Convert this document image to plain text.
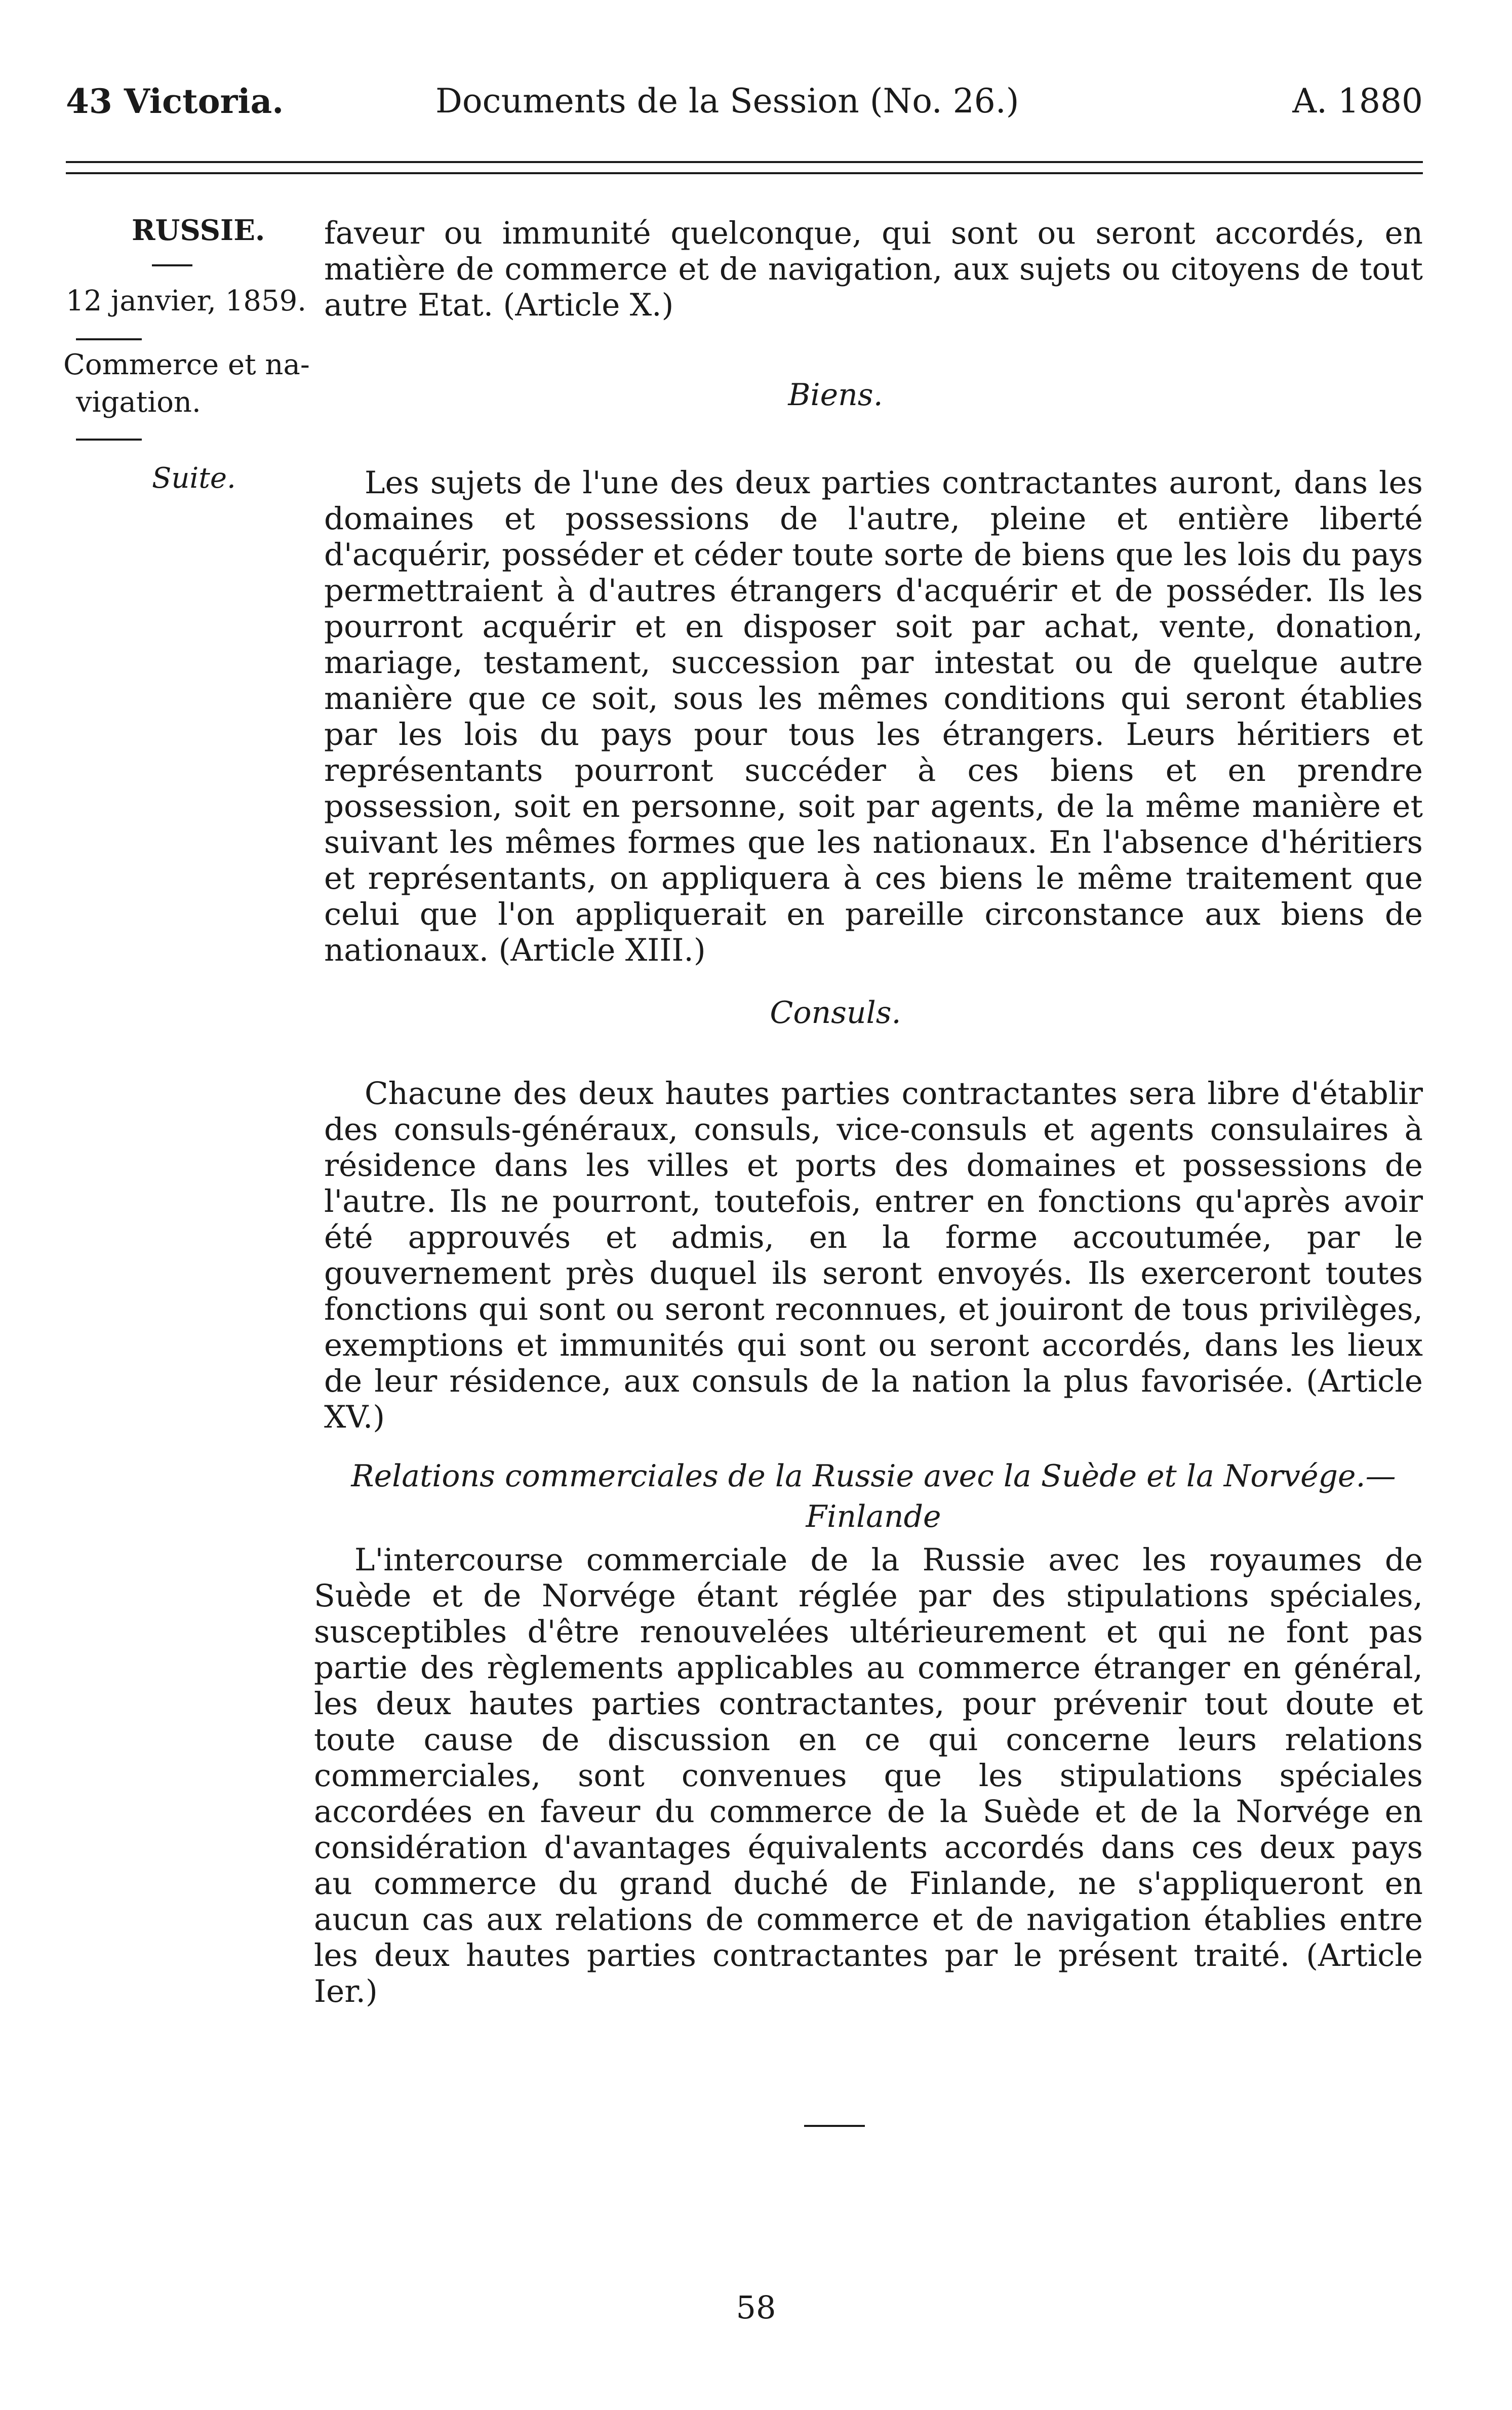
43 Victoria.	Documents de la Session (No. 26.)	A. 1880
RUSSIE.
12 janvier, 1859.
Commerce et na-
vigation.
Suite.
faveur ou immunité quelconque, qui sont ou seront accordés, en matière de commerce et de navigation, aux sujets ou citoyens de tout autre Etat. (Article X.)
Biens.
Les sujets de l'une des deux parties contractantes auront, dans les domaines et possessions de l'autre, pleine et entière liberté d'acquérir, posséder et céder toute sorte de biens que les lois du pays permettraient à d'autres étrangers d'acquérir et de posséder. Ils les pourront acquérir et en disposer soit par achat, vente, donation, mariage, testament, succession par intestat ou de quelque autre manière que ce soit, sous les mêmes conditions qui seront établies par les lois du pays pour tous les étrangers. Leurs héritiers et représentants pourront succéder à ces biens et en prendre possession, soit en personne, soit par agents, de la même manière et suivant les mêmes formes que les nationaux. En l'absence d'héritiers et représentants, on appliquera à ces biens le même traitement que celui que l'on appliquerait en pareille circonstance aux biens de nationaux. (Article XIII.)
Consuls.
Chacune des deux hautes parties contractantes sera libre d'établir des consuls-généraux, consuls, vice-consuls et agents consulaires à résidence dans les villes et ports des domaines et possessions de l'autre. Ils ne pourront, toutefois, entrer en fonctions qu'après avoir été approuvés et admis, en la forme accoutumée, par le gouvernement près duquel ils seront envoyés. Ils exerceront toutes fonctions qui sont ou seront reconnues, et jouiront de tous privilèges, exemptions et immunités qui sont ou seront accordés, dans les lieux de leur résidence, aux consuls de la nation la plus favorisée. (Article XV.)
Relations commerciales de la Russie avec la Suède et la Norvége.—Finlande
L'intercourse commerciale de la Russie avec les royaumes de Suède et de Norvége étant réglée par des stipulations spéciales, susceptibles d'être renouvelées ultérieurement et qui ne font pas partie des règlements applicables au commerce étranger en général, les deux hautes parties contractantes, pour prévenir tout doute et toute cause de discussion en ce qui concerne leurs relations commerciales, sont convenues que les stipulations spéciales accordées en faveur du commerce de la Suède et de la Norvége en considération d'avantages équivalents accordés dans ces deux pays au commerce du grand duché de Finlande, ne s'appliqueront en aucun cas aux relations de commerce et de navigation établies entre les deux hautes parties contractantes par le présent traité. (Article Ier.)
58
